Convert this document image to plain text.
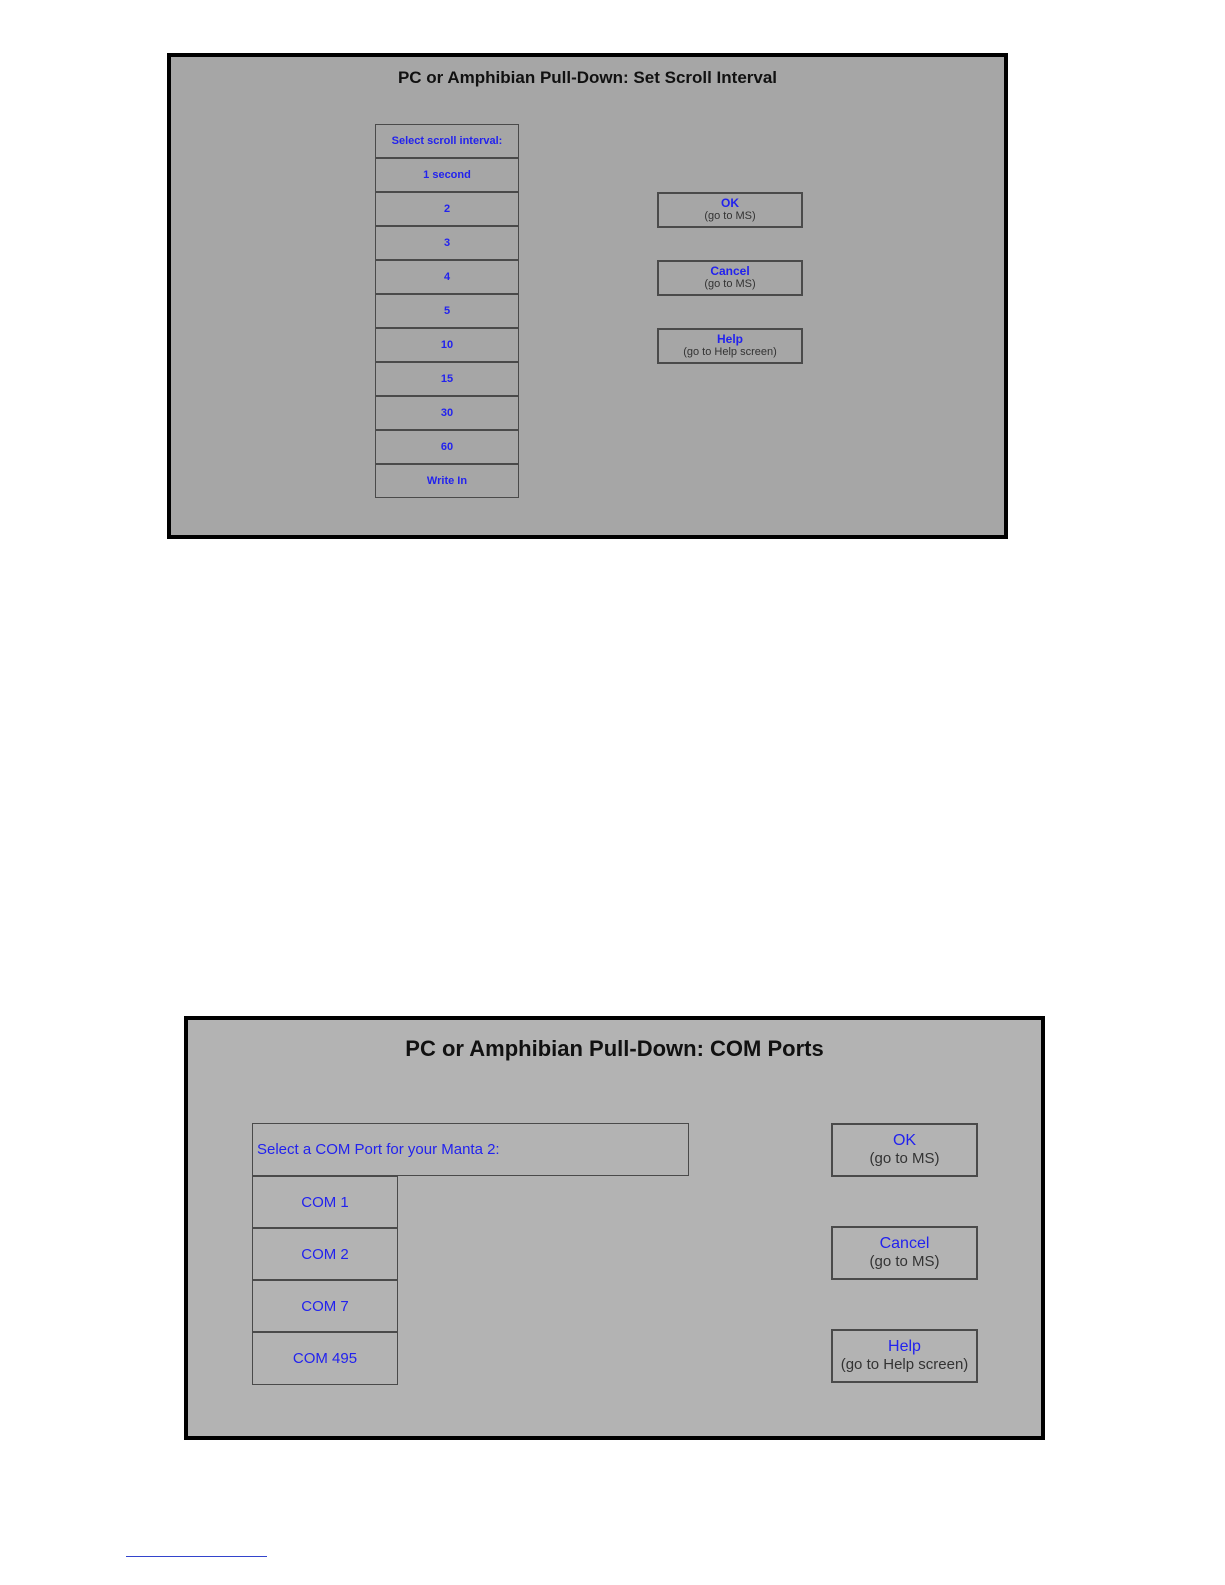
PC or Amphibian Pull-Down: Set Scroll Interval
Select scroll interval:
1 second
2
3
4
5
10
15
30
60
Write In
OK
(go to MS)
Cancel
(go to MS)
Help
(go to Help screen)
PC or Amphibian Pull-Down: COM Ports
Select a COM Port for your Manta 2:
COM 1
COM 2
COM 7
COM 495
OK
(go to MS)
Cancel
(go to MS)
Help
(go to Help screen)
